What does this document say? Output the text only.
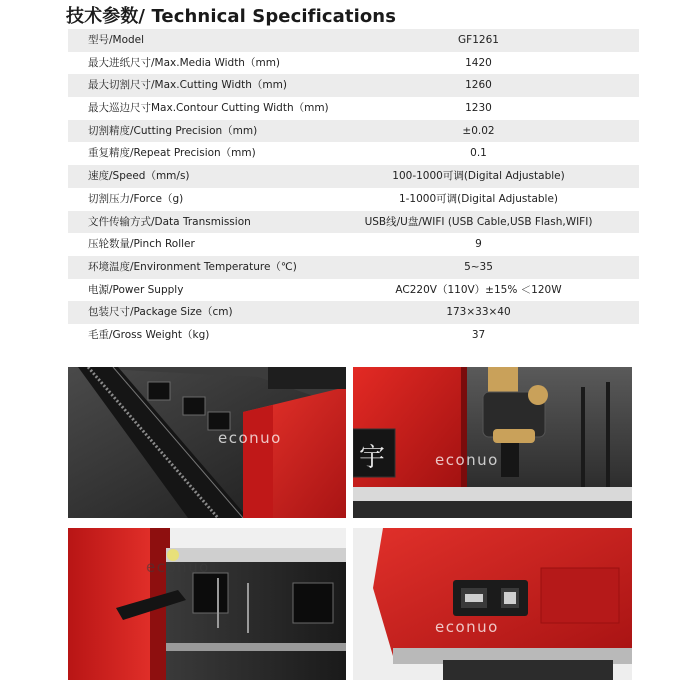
技术参数/ Technical Specifications
型号/Model	GF1261
最大进纸尺寸/Max.Media Width（mm)	1420
最大切割尺寸/Max.Cutting Width（mm)	1260
最大巡边尺寸Max.Contour Cutting Width（mm)	1230
切割精度/Cutting Precision（mm)	±0.02
重复精度/Repeat Precision（mm)	0.1
速度/Speed（mm/s)	100-1000可调(Digital Adjustable)
切割压力/Force（g)	1-1000可调(Digital Adjustable)
文件传输方式/Data Transmission	USB线/U盘/WIFI (USB Cable,USB Flash,WIFI)
压轮数量/Pinch Roller	9
环境温度/Environment Temperature（℃)	5~35
电源/Power Supply	AC220V（110V）±15% ＜120W
包装尺寸/Package Size（cm)	173×33×40
毛重/Gross Weight（kg)	37
econuo
宇	econuo
econuo
econuo
